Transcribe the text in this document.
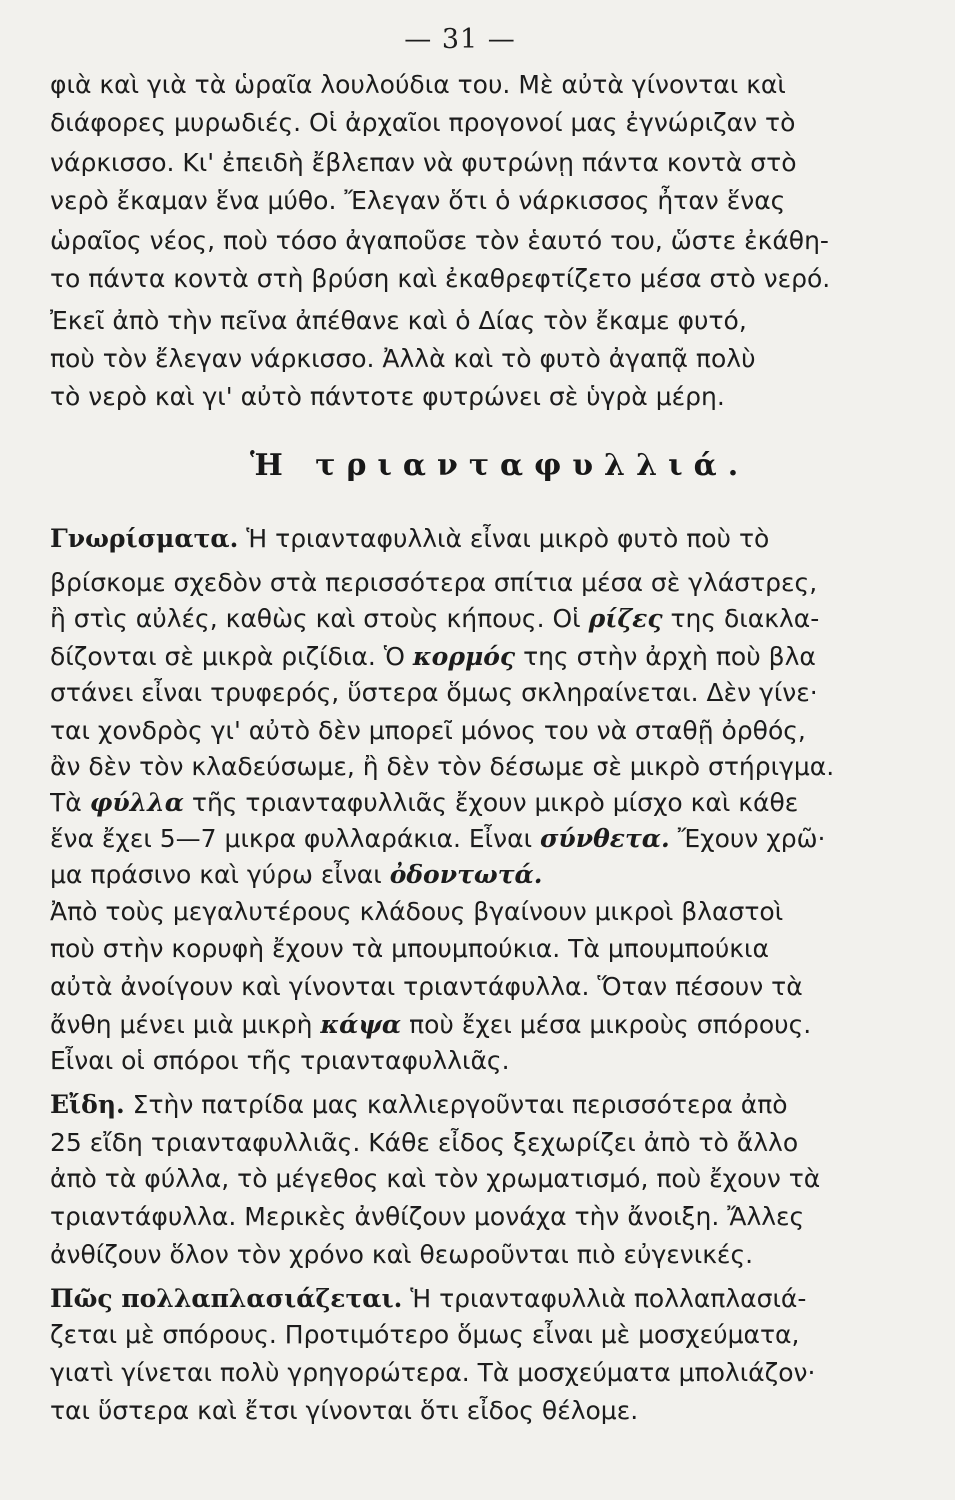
— 31 —
Ἡ τριανταφυλλιά.
φιὰ καὶ γιὰ τὰ ὡραῖα λουλούδια του. Μὲ αὐτὰ γίνονται καὶ
διάφορες μυρωδιές. Οἱ ἀρχαῖοι προγονοί μας ἐγνώριζαν τὸ
νάρκισσο. Κι' ἐπειδὴ ἔβλεπαν νὰ φυτρώνῃ πάντα κοντὰ στὸ
νερὸ ἔκαμαν ἕνα μύθο. Ἔλεγαν ὅτι ὁ νάρκισσος ἦταν ἕνας
ὡραῖος νέος, ποὺ τόσο ἀγαποῦσε τὸν ἑαυτό του, ὥστε ἐκάθη-
το πάντα κοντὰ στὴ βρύση καὶ ἐκαθρεφτίζετο μέσα στὸ νερό.
Ἐκεῖ ἀπὸ τὴν πεῖνα ἀπέθανε καὶ ὁ Δίας τὸν ἔκαμε φυτό,
ποὺ τὸν ἔλεγαν νάρκισσο. Ἀλλὰ καὶ τὸ φυτὸ ἀγαπᾷ πολὺ
τὸ νερὸ καὶ γι' αὐτὸ πάντοτε φυτρώνει σὲ ὑγρὰ μέρη.
Γνωρίσματα. Ἡ τριανταφυλλιὰ εἶναι μικρὸ φυτὸ ποὺ τὸ
βρίσκομε σχεδὸν στὰ περισσότερα σπίτια μέσα σὲ γλάστρες,
ἢ στὶς αὐλές, καθὼς καὶ στοὺς κήπους. Οἱ ρίζες της διακλα-
δίζονται σὲ μικρὰ ριζίδια. Ὁ κορμός της στὴν ἀρχὴ ποὺ βλα
στάνει εἶναι τρυφερός, ὕστερα ὅμως σκληραίνεται. Δὲν γίνε·
ται χονδρὸς γι' αὐτὸ δὲν μπορεῖ μόνος του νὰ σταθῇ ὀρθός,
ἂν δὲν τὸν κλαδεύσωμε, ἢ δὲν τὸν δέσωμε σὲ μικρὸ στήριγμα.
Τὰ φύλλα τῆς τριανταφυλλιᾶς ἔχουν μικρὸ μίσχο καὶ κάθε
ἕνα ἔχει 5—7 μικρα φυλλαράκια. Εἶναι σύνθετα. Ἔχουν χρῶ·
μα πράσινο καὶ γύρω εἶναι ὀδοντωτά.
Ἀπὸ τοὺς μεγαλυτέρους κλάδους βγαίνουν μικροὶ βλαστοὶ
ποὺ στὴν κορυφὴ ἔχουν τὰ μπουμπούκια. Τὰ μπουμπούκια
αὐτὰ ἀνοίγουν καὶ γίνονται τριαντάφυλλα. Ὅταν πέσουν τὰ
ἄνθη μένει μιὰ μικρὴ κάψα ποὺ ἔχει μέσα μικροὺς σπόρους.
Εἶναι οἱ σπόροι τῆς τριανταφυλλιᾶς.
Εἴδη. Στὴν πατρίδα μας καλλιεργοῦνται περισσότερα ἀπὸ
25 εἴδη τριανταφυλλιᾶς. Κάθε εἶδος ξεχωρίζει ἀπὸ τὸ ἄλλο
ἀπὸ τὰ φύλλα, τὸ μέγεθος καὶ τὸν χρωματισμό, ποὺ ἔχουν τὰ
τριαντάφυλλα. Μερικὲς ἀνθίζουν μονάχα τὴν ἄνοιξη. Ἄλλες
ἀνθίζουν ὅλον τὸν χρόνο καὶ θεωροῦνται πιὸ εὐγενικές.
Πῶς πολλαπλασιάζεται. Ἡ τριανταφυλλιὰ πολλαπλασιά-
ζεται μὲ σπόρους. Προτιμότερο ὅμως εἶναι μὲ μοσχεύματα,
γιατὶ γίνεται πολὺ γρηγορώτερα. Τὰ μοσχεύματα μπολιάζον·
ται ὕστερα καὶ ἔτσι γίνονται ὅτι εἶδος θέλομε.
